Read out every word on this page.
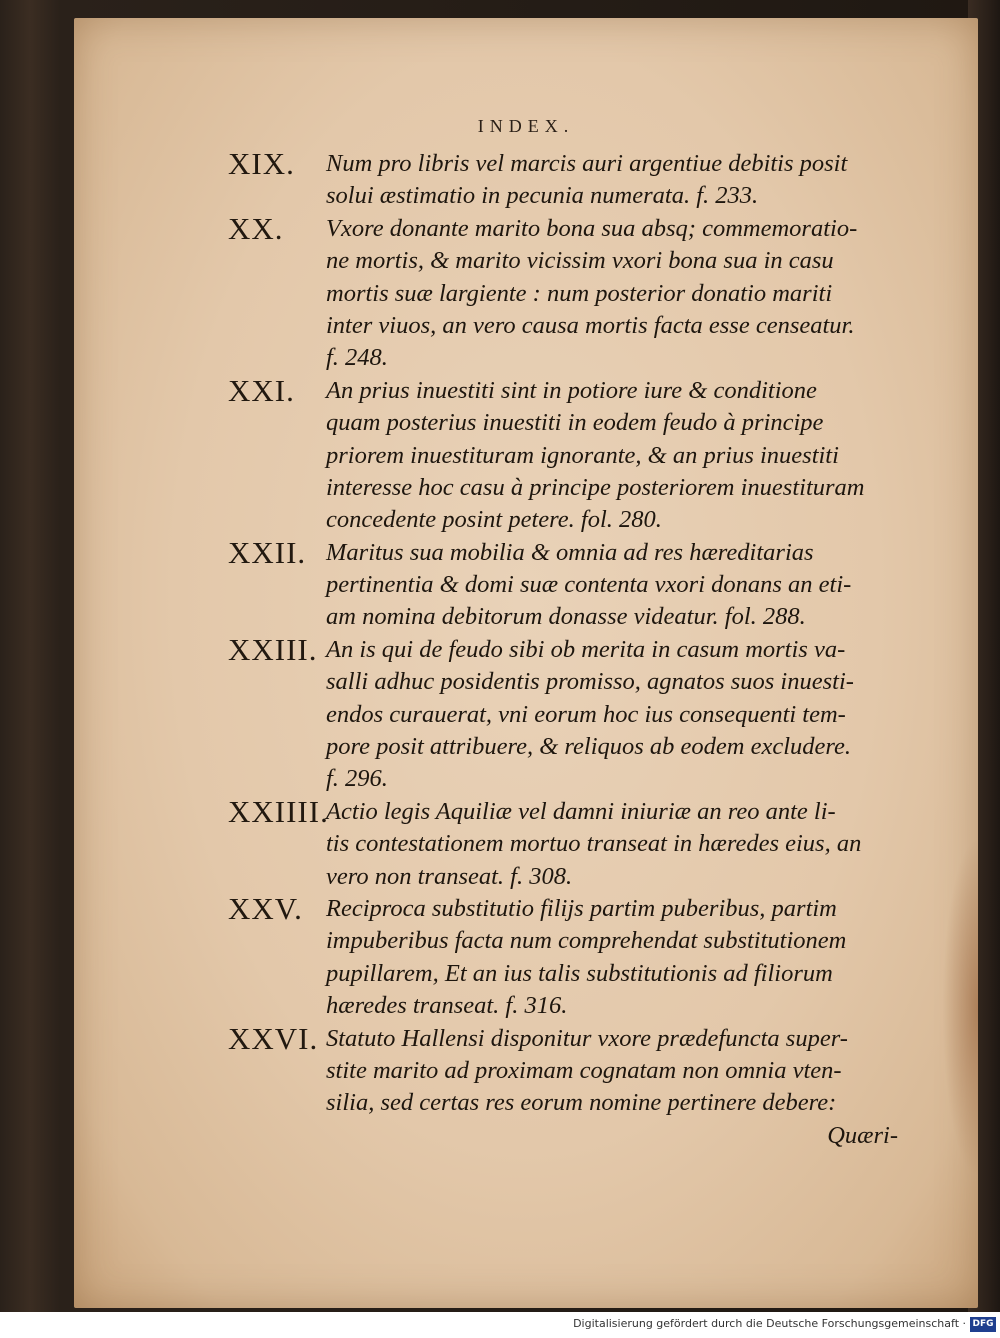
INDEX.
XIX. Num pro libris vel marcis auri argentiue debitis posit
solui æstimatio in pecunia numerata. f. 233.
XX. Vxore donante marito bona sua absq; commemoratio-
ne mortis, & marito vicissim vxori bona sua in casu
mortis suæ largiente : num posterior donatio mariti
inter viuos, an vero causa mortis facta esse censeatur.
f. 248.
XXI. An prius inuestiti sint in potiore iure & conditione
quam posterius inuestiti in eodem feudo à principe
priorem inuestituram ignorante, & an prius inuestiti
interesse hoc casu à principe posteriorem inuestituram
concedente posint petere. fol. 280.
XXII. Maritus sua mobilia & omnia ad res hæreditarias
pertinentia & domi suæ contenta vxori donans an eti-
am nomina debitorum donasse videatur. fol. 288.
XXIII. An is qui de feudo sibi ob merita in casum mortis va-
salli adhuc posidentis promisso, agnatos suos inuesti-
endos curauerat, vni eorum hoc ius consequenti tem-
pore posit attribuere, & reliquos ab eodem excludere.
f. 296.
XXIIII.
Actio legis Aquiliæ vel damni iniuriæ an reo ante li-
tis contestationem mortuo transeat in hæredes eius, an
vero non transeat. f. 308.
XXV. Reciproca substitutio filijs partim puberibus, partim
impuberibus facta num comprehendat substitutionem
pupillarem, Et an ius talis substitutionis ad filiorum
hæredes transeat. f. 316.
XXVI. Statuto Hallensi disponitur vxore prædefuncta super-
stite marito ad proximam cognatam non omnia vten-
silia, sed certas res eorum nomine pertinere debere:
Quæri-
Digitalisierung gefördert durch die Deutsche Forschungsgemeinschaft · DFG
